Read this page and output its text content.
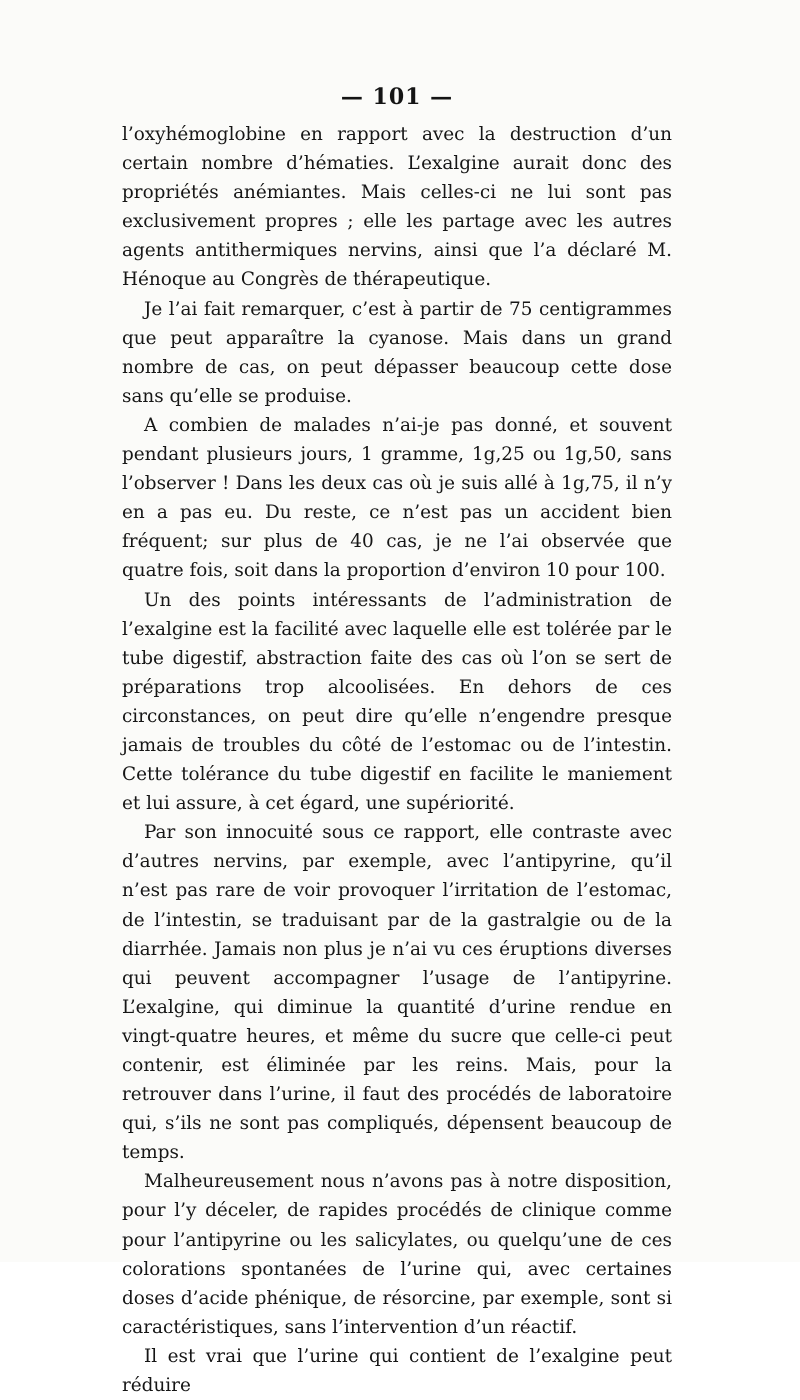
— 101 —

l’oxyhémoglobine en rapport avec la destruction d’un certain nombre d’hématies. L’exalgine aurait donc des propriétés anémiantes. Mais celles-ci ne lui sont pas exclusivement propres ; elle les partage avec les autres agents antithermiques nervins, ainsi que l’a déclaré M. Hénoque au Congrès de thérapeutique.

Je l’ai fait remarquer, c’est à partir de 75 centigrammes que peut apparaître la cyanose. Mais dans un grand nombre de cas, on peut dépasser beaucoup cette dose sans qu’elle se produise.

A combien de malades n’ai-je pas donné, et souvent pendant plusieurs jours, 1 gramme, 1g,25 ou 1g,50, sans l’observer ! Dans les deux cas où je suis allé à 1g,75, il n’y en a pas eu. Du reste, ce n’est pas un accident bien fréquent; sur plus de 40 cas, je ne l’ai observée que quatre fois, soit dans la proportion d’environ 10 pour 100.

Un des points intéressants de l’administration de l’exalgine est la facilité avec laquelle elle est tolérée par le tube digestif, abstraction faite des cas où l’on se sert de préparations trop alcoolisées. En dehors de ces circonstances, on peut dire qu’elle n’engendre presque jamais de troubles du côté de l’estomac ou de l’intestin. Cette tolérance du tube digestif en facilite le maniement et lui assure, à cet égard, une supériorité.

Par son innocuité sous ce rapport, elle contraste avec d’autres nervins, par exemple, avec l’antipyrine, qu’il n’est pas rare de voir provoquer l’irritation de l’estomac, de l’intestin, se traduisant par de la gastralgie ou de la diarrhée. Jamais non plus je n’ai vu ces éruptions diverses qui peuvent accompagner l’usage de l’antipyrine. L’exalgine, qui diminue la quantité d’urine rendue en vingt-quatre heures, et même du sucre que celle-ci peut contenir, est éliminée par les reins. Mais, pour la retrouver dans l’urine, il faut des procédés de laboratoire qui, s’ils ne sont pas compliqués, dépensent beaucoup de temps.

Malheureusement nous n’avons pas à notre disposition, pour l’y déceler, de rapides procédés de clinique comme pour l’antipyrine ou les salicylates, ou quelqu’une de ces colorations spontanées de l’urine qui, avec certaines doses d’acide phénique, de résorcine, par exemple, sont si caractéristiques, sans l’intervention d’un réactif.

Il est vrai que l’urine qui contient de l’exalgine peut réduire
